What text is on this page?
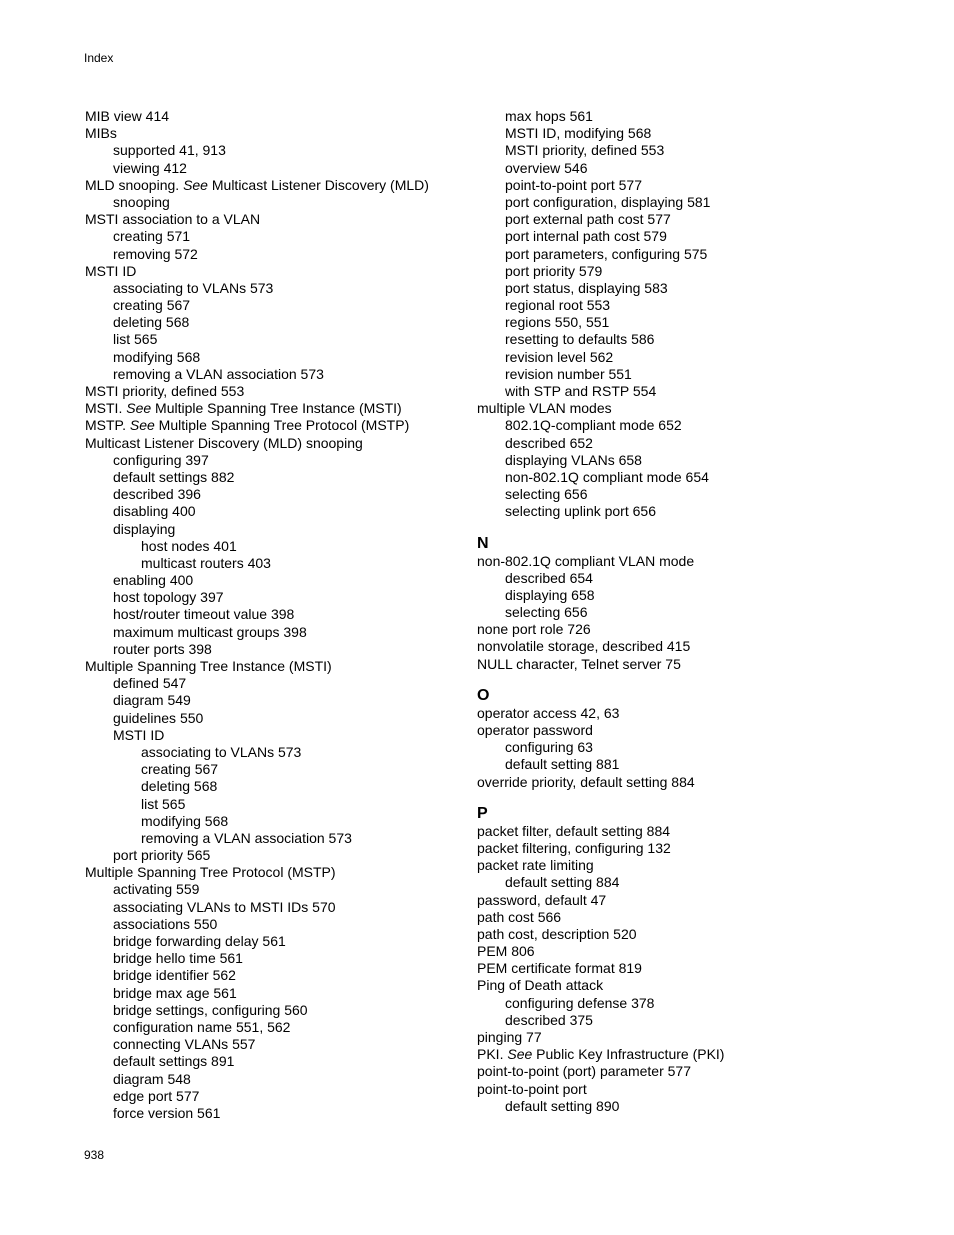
Index
MIB view 414
MIBs
supported 41, 913
viewing 412
MLD snooping. See Multicast Listener Discovery (MLD)
snooping
MSTI association to a VLAN
creating 571
removing 572
MSTI ID
associating to VLANs 573
creating 567
deleting 568
list 565
modifying 568
removing a VLAN association 573
MSTI priority, defined 553
MSTI. See Multiple Spanning Tree Instance (MSTI)
MSTP. See Multiple Spanning Tree Protocol (MSTP)
Multicast Listener Discovery (MLD) snooping
configuring 397
default settings 882
described 396
disabling 400
displaying
host nodes 401
multicast routers 403
enabling 400
host topology 397
host/router timeout value 398
maximum multicast groups 398
router ports 398
Multiple Spanning Tree Instance (MSTI)
defined 547
diagram 549
guidelines 550
MSTI ID
associating to VLANs 573
creating 567
deleting 568
list 565
modifying 568
removing a VLAN association 573
port priority 565
Multiple Spanning Tree Protocol (MSTP)
activating 559
associating VLANs to MSTI IDs 570
associations 550
bridge forwarding delay 561
bridge hello time 561
bridge identifier 562
bridge max age 561
bridge settings, configuring 560
configuration name 551, 562
connecting VLANs 557
default settings 891
diagram 548
edge port 577
force version 561
max hops 561
MSTI ID, modifying 568
MSTI priority, defined 553
overview 546
point-to-point port 577
port configuration, displaying 581
port external path cost 577
port internal path cost 579
port parameters, configuring 575
port priority 579
port status, displaying 583
regional root 553
regions 550, 551
resetting to defaults 586
revision level 562
revision number 551
with STP and RSTP 554
multiple VLAN modes
802.1Q-compliant mode 652
described 652
displaying VLANs 658
non-802.1Q compliant mode 654
selecting 656
selecting uplink port 656
N
non-802.1Q compliant VLAN mode
described 654
displaying 658
selecting 656
none port role 726
nonvolatile storage, described 415
NULL character, Telnet server 75
O
operator access 42, 63
operator password
configuring 63
default setting 881
override priority, default setting 884
P
packet filter, default setting 884
packet filtering, configuring 132
packet rate limiting
default setting 884
password, default 47
path cost 566
path cost, description 520
PEM 806
PEM certificate format 819
Ping of Death attack
configuring defense 378
described 375
pinging 77
PKI. See Public Key Infrastructure (PKI)
point-to-point (port) parameter 577
point-to-point port
default setting 890
938
